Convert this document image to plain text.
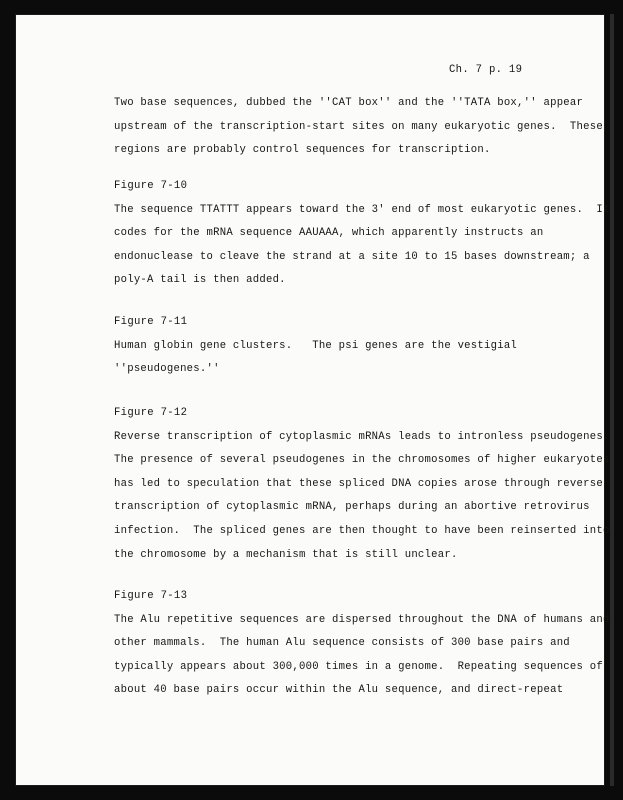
Ch. 7 p. 19
Two base sequences, dubbed the ''CAT box'' and the ''TATA box,'' appear
upstream of the transcription-start sites on many eukaryotic genes.  These
regions are probably control sequences for transcription.
Figure 7-10
The sequence TTATTT appears toward the 3' end of most eukaryotic genes.  It
codes for the mRNA sequence AAUAAA, which apparently instructs an
endonuclease to cleave the strand at a site 10 to 15 bases downstream; a
poly-A tail is then added.
Figure 7-11
Human globin gene clusters.   The psi genes are the vestigial
''pseudogenes.''
Figure 7-12
Reverse transcription of cytoplasmic mRNAs leads to intronless pseudogenes.
The presence of several pseudogenes in the chromosomes of higher eukaryotes
has led to speculation that these spliced DNA copies arose through reverse
transcription of cytoplasmic mRNA, perhaps during an abortive retrovirus
infection.  The spliced genes are then thought to have been reinserted into
the chromosome by a mechanism that is still unclear.
Figure 7-13
The Alu repetitive sequences are dispersed throughout the DNA of humans and
other mammals.  The human Alu sequence consists of 300 base pairs and
typically appears about 300,000 times in a genome.  Repeating sequences of
about 40 base pairs occur within the Alu sequence, and direct-repeat
